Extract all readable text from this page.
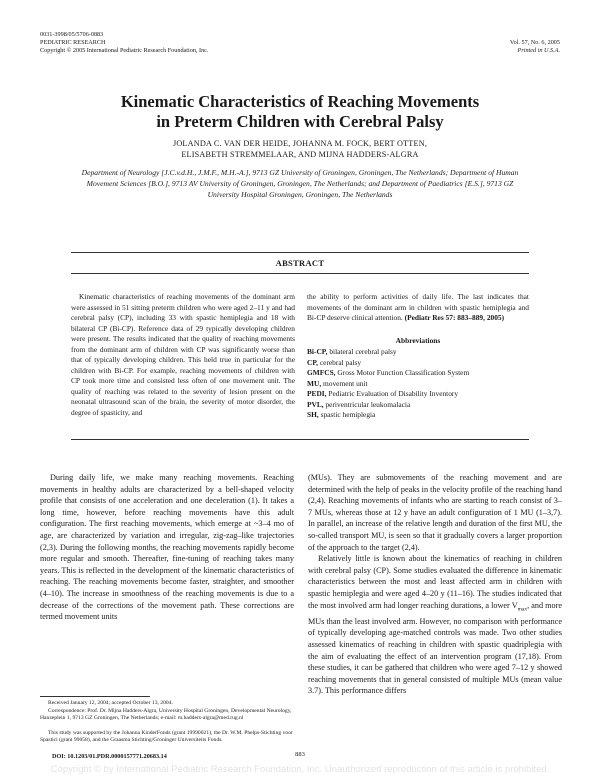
0031-3998/05/5706-0883
PEDIATRIC RESEARCH
Copyright © 2005 International Pediatric Research Foundation, Inc.
Vol. 57, No. 6, 2005
Printed in U.S.A.
Kinematic Characteristics of Reaching Movements
in Preterm Children with Cerebral Palsy
JOLANDA C. VAN DER HEIDE, JOHANNA M. FOCK, BERT OTTEN,
ELISABETH STREMMELAAR, AND MIJNA HADDERS-ALGRA
Department of Neurology [J.C.v.d.H., J.M.F., M.H.-A.], 9713 GZ University of Groningen, Groningen, The Netherlands; Department of Human Movement Sciences [B.O.], 9713 AV University of Groningen, Groningen, The Netherlands; and Department of Paediatrics [E.S.], 9713 GZ University Hospital Groningen, Groningen, The Netherlands
ABSTRACT
Kinematic characteristics of reaching movements of the dominant arm were assessed in 51 sitting preterm children who were aged 2–11 y and had cerebral palsy (CP), including 33 with spastic hemiplegia and 18 with bilateral CP (Bi-CP). Reference data of 29 typically developing children were present. The results indicated that the quality of reaching movements from the dominant arm of children with CP was significantly worse than that of typically developing children. This held true in particular for the children with Bi-CP. For example, reaching movements of children with CP took more time and consisted less often of one movement unit. The quality of reaching was related to the severity of lesion present on the neonatal ultrasound scan of the brain, the severity of motor disorder, the degree of spasticity, and
the ability to perform activities of daily life. The last indicates that movements of the dominant arm in children with spastic hemiplegia and Bi-CP deserve clinical attention. (Pediatr Res 57: 883–889, 2005)
Abbreviations
Bi-CP, bilateral cerebral palsy
CP, cerebral palsy
GMFCS, Gross Motor Function Classification System
MU, movement unit
PEDI, Pediatric Evaluation of Disability Inventory
PVL, periventricular leukomalacia
SH, spastic hemiplegia
During daily life, we make many reaching movements. Reaching movements in healthy adults are characterized by a bell-shaped velocity profile that consists of one acceleration and one deceleration (1). It takes a long time, however, before reaching movements have this adult configuration. The first reaching movements, which emerge at ~3–4 mo of age, are characterized by variation and irregular, zig-zag–like trajectories (2,3). During the following months, the reaching movements rapidly become more regular and smooth. Thereafter, fine-tuning of reaching takes many years. This is reflected in the development of the kinematic characteristics of reaching. The reaching movements become faster, straighter, and smoother (4–10). The increase in smoothness of the reaching movements is due to a decrease of the corrections of the movement path. These corrections are termed movement units

(MUs). They are submovements of the reaching movement and are determined with the help of peaks in the velocity profile of the reaching hand (2,4). Reaching movements of infants who are starting to reach consist of 3–7 MUs, whereas those at 12 y have an adult configuration of 1 MU (1–3,7). In parallel, an increase of the relative length and duration of the first MU, the so-called transport MU, is seen so that it gradually covers a larger proportion of the approach to the target (2,4).

Relatively little is known about the kinematics of reaching in children with cerebral palsy (CP). Some studies evaluated the difference in kinematic characteristics between the most and least affected arm in children with spastic hemiplegia and were aged 4–20 y (11–16). The studies indicated that the most involved arm had longer reaching durations, a lower $V_{max}$, and more MUs than the least involved arm. However, no comparison with performance of typically developing age-matched controls was made. Two other studies assessed kinematics of reaching in children with spastic quadriplegia with the aim of evaluating the effect of an intervention program (17,18). From these studies, it can be gathered that children who were aged 7–12 y showed reaching movements that in general consisted of multiple MUs (mean value 3.7). This performance differs

Received January 12, 2004; accepted October 13, 2004.
Correspondence: Prof. Dr. Mijna Hadders-Algra, University Hospital Groningen, Developmental Neurology, Hanzeplein 1, 9713 GZ Groningen, The Netherlands; e-mail: m.hadders-algra@med.rug.nl
This study was supported by the Johanna KinderFonds (grant 19990021), the Dr. W.M. Phelps-Stichting voor Spastici (grant 99058), and the Graasma Stichting/Groninger Universiteits Fonds.
DOI: 10.1203/01.PDR.0000157771.20683.14	883
Copyright © by International Pediatric Research Foundation, Inc. Unauthorized reproduction of this article is prohibited.
